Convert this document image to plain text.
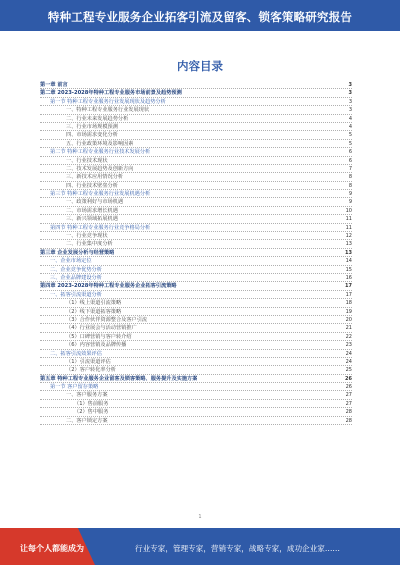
特种工程专业服务企业拓客引流及留客、锁客策略研究报告
内容目录
第一章 前言	3
第二章 2023-2028年特种工程专业服务市场前景及趋势预测	3
第一节 特种工程专业服务行业发展现状及趋势分析	3
一、特种工程专业服务行业发展现状	3
二、行业未来发展趋势分析	4
三、行业市场规模预测	4
四、市场需求变化分析	5
五、行业政策环境及影响因素	5
第二节 特种工程专业服务行业技术发展分析	6
一、行业技术现状	6
二、技术发展趋势及创新方向	7
三、新技术应用情况分析	8
四、行业技术壁垒分析	8
第三节 特种工程专业服务行业发展机遇分析	9
一、政策利好与市场机遇	9
二、市场需求增长机遇	10
三、新兴领域拓展机遇	11
第四节 特种工程专业服务行业竞争格局分析	11
一、行业竞争现状	12
二、行业集中度分析	13
第三章 企业发展分析与经营策略	13
一、企业市场定位	14
二、企业竞争优势分析	15
三、企业品牌建设分析	16
第四章 2023-2028年特种工程专业服务企业拓客引流策略	17
一、拓客引流渠道分析	17
（1）线上渠道引流策略	18
（2）线下渠道拓客策略	19
（3）合作伙伴资源整合及客户引流	20
（4）行业展会与活动营销推广	21
（5）口碑营销与客户转介绍	22
（6）内容营销及品牌传播	23
二、拓客引流效果评估	24
（1）引流渠道评估	24
（2）客户转化率分析	25
第五章 特种工程专业服务企业留客及锁客策略、服务提升及实施方案	26
第一节 客户留存策略	26
一、客户服务方案	27
（1）售前服务	27
（2）售中服务	28
二、客户锁定方案	28
1
让每个人都能成为	行业专家，管理专家，营销专家，战略专家，成功企业家……
